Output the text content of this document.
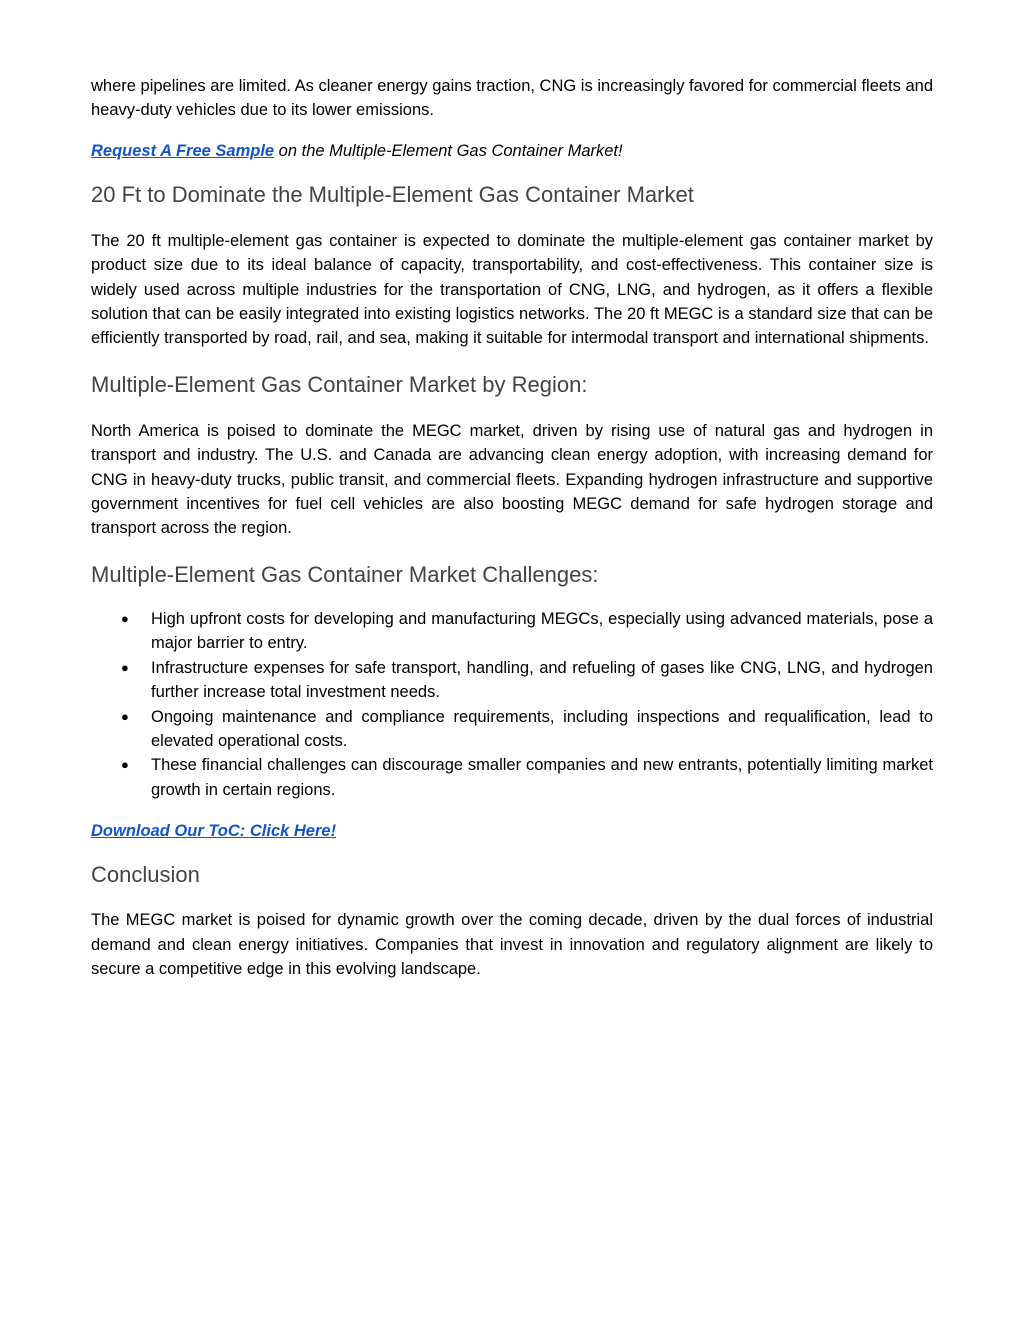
where pipelines are limited. As cleaner energy gains traction, CNG is increasingly favored for commercial fleets and heavy-duty vehicles due to its lower emissions.

Request A Free Sample on the Multiple-Element Gas Container Market!

20 Ft to Dominate the Multiple-Element Gas Container Market

The 20 ft multiple-element gas container is expected to dominate the multiple-element gas container market by product size due to its ideal balance of capacity, transportability, and cost-effectiveness. This container size is widely used across multiple industries for the transportation of CNG, LNG, and hydrogen, as it offers a flexible solution that can be easily integrated into existing logistics networks. The 20 ft MEGC is a standard size that can be efficiently transported by road, rail, and sea, making it suitable for intermodal transport and international shipments.

Multiple-Element Gas Container Market by Region:

North America is poised to dominate the MEGC market, driven by rising use of natural gas and hydrogen in transport and industry. The U.S. and Canada are advancing clean energy adoption, with increasing demand for CNG in heavy-duty trucks, public transit, and commercial fleets. Expanding hydrogen infrastructure and supportive government incentives for fuel cell vehicles are also boosting MEGC demand for safe hydrogen storage and transport across the region.

Multiple-Element Gas Container Market Challenges:
● High upfront costs for developing and manufacturing MEGCs, especially using advanced materials, pose a major barrier to entry.
● Infrastructure expenses for safe transport, handling, and refueling of gases like CNG, LNG, and hydrogen further increase total investment needs.
● Ongoing maintenance and compliance requirements, including inspections and requalification, lead to elevated operational costs.
● These financial challenges can discourage smaller companies and new entrants, potentially limiting market growth in certain regions.

Download Our ToC: Click Here!

Conclusion

The MEGC market is poised for dynamic growth over the coming decade, driven by the dual forces of industrial demand and clean energy initiatives. Companies that invest in innovation and regulatory alignment are likely to secure a competitive edge in this evolving landscape.
